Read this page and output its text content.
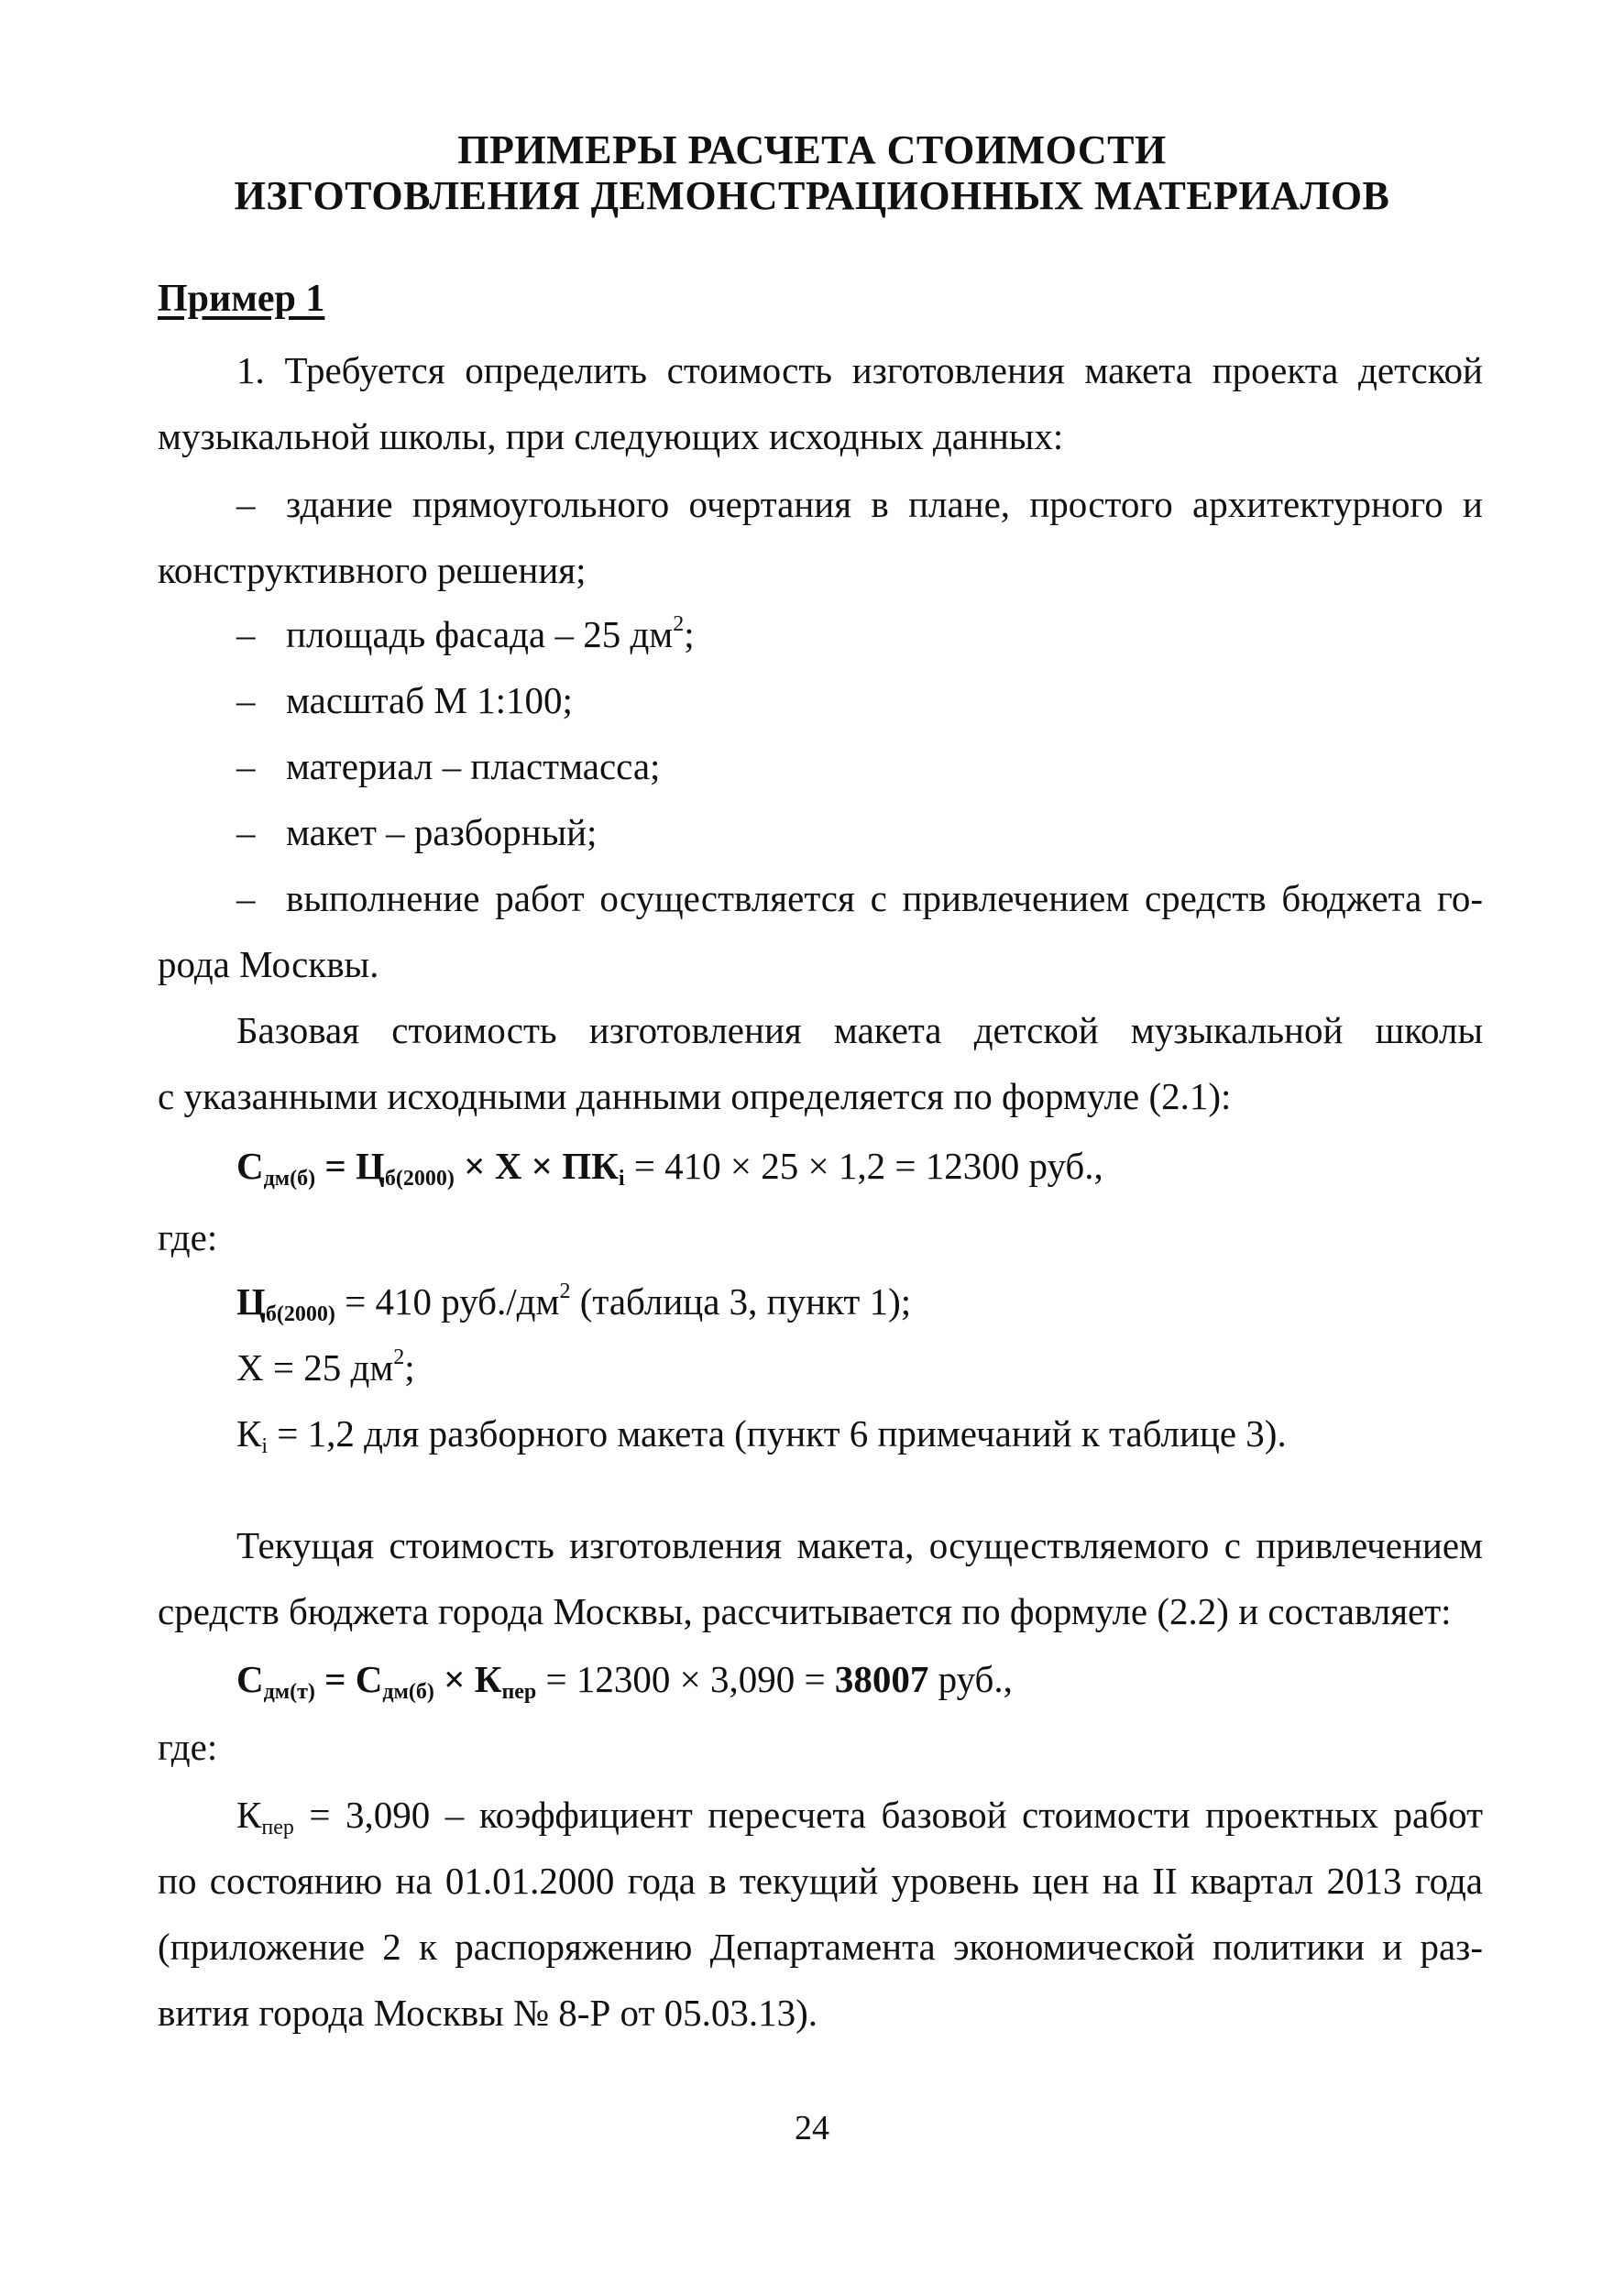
ПРИМЕРЫ РАСЧЕТА СТОИМОСТИ
ИЗГОТОВЛЕНИЯ ДЕМОНСТРАЦИОННЫХ МАТЕРИАЛОВ
Пример 1
1. Требуется определить стоимость изготовления макета проекта детской
музыкальной школы, при следующих исходных данных:
– здание прямоугольного очертания в плане, простого архитектурного и
конструктивного решения;
– площадь фасада – 25 $дм^2$;
– масштаб М 1:100;
– материал – пластмасса;
– макет – разборный;
– выполнение работ осуществляется с привлечением средств бюджета го-
рода Москвы.
Базовая стоимость изготовления макета детской музыкальной школы
с указанными исходными данными определяется по формуле (2.1):
$С_{дм(б)} = Ц_{б(2000)} \times Х \times ПК_i = 410 \times 25 \times 1,2 = 12300$ руб.,
где:
$Ц_{б(2000)} = 410$ $руб./дм^2$ (таблица 3, пункт 1);
Х = 25 $дм^2$;
$К_i = 1,2$ для разборного макета (пункт 6 примечаний к таблице 3).
Текущая стоимость изготовления макета, осуществляемого с привлечением
средств бюджета города Москвы, рассчитывается по формуле (2.2) и составляет:
$С_{дм(т)} = С_{дм(б)} \times К_{пер} = 12300 \times 3,090 = 38007$ руб.,
где:
$К_{пер} = 3,090$ – коэффициент пересчета базовой стоимости проектных работ
по состоянию на 01.01.2000 года в текущий уровень цен на II квартал 2013 года
(приложение 2 к распоряжению Департамента экономической политики и раз-
вития города Москвы № 8-Р от 05.03.13).
24
